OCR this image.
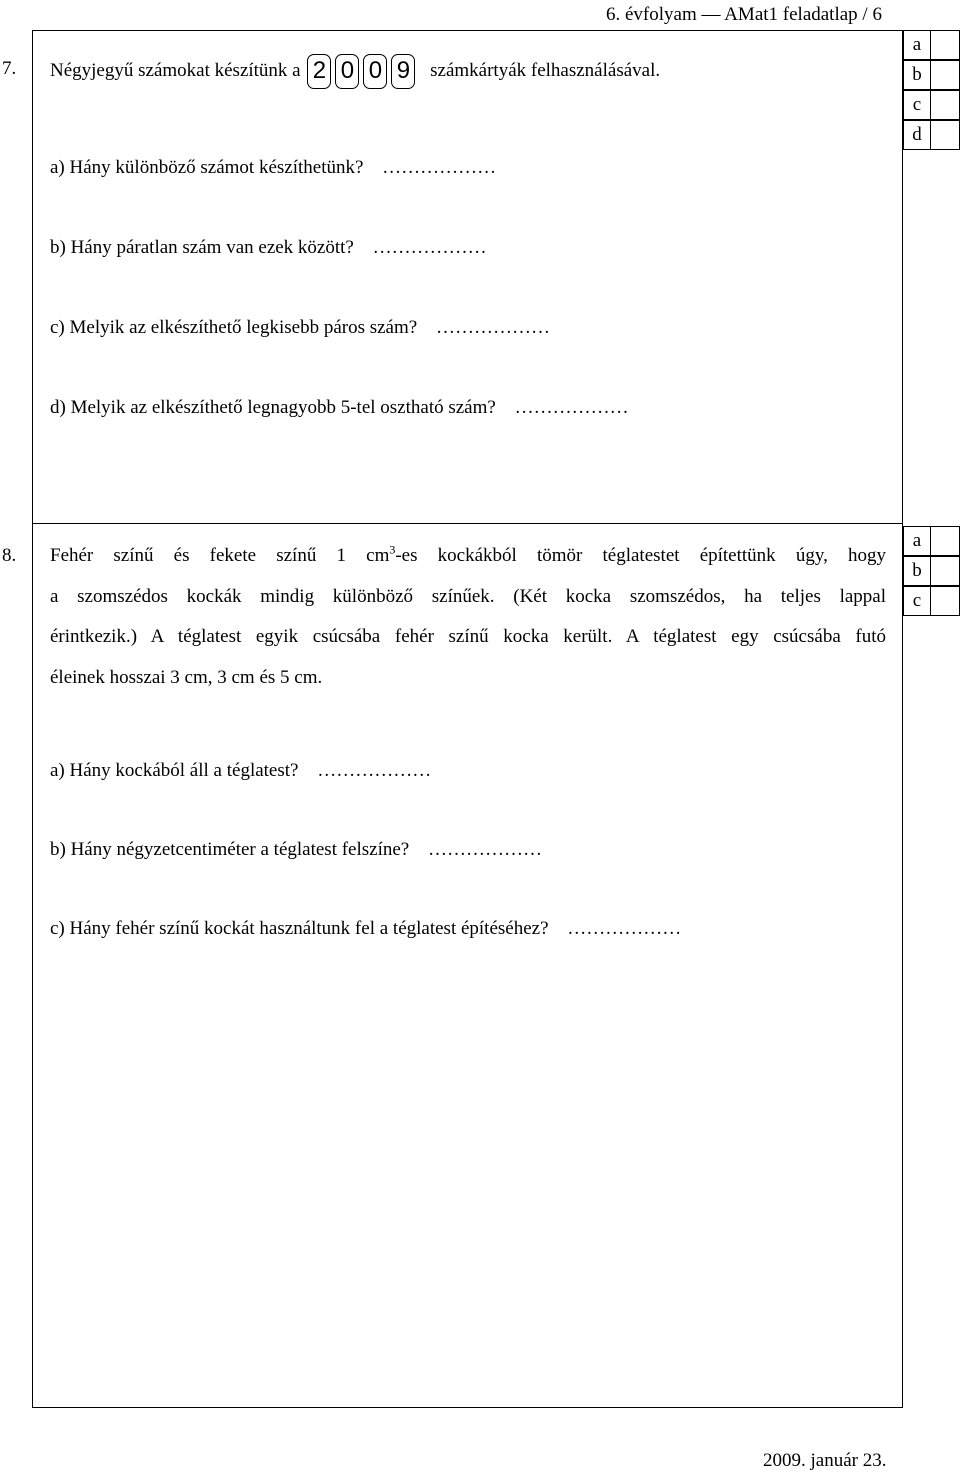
6. évfolyam — AMat1 feladatlap / 6
7. Négyjegyű számokat készítünk a 2 0 0 9 számkártyák felhasználásával.
a) Hány különböző számot készíthetünk? ………………
b) Hány páratlan szám van ezek között? ………………
c) Melyik az elkészíthető legkisebb páros szám? ………………
d) Melyik az elkészíthető legnagyobb 5-tel osztható szám? ………………
a
b
c
d
8. Fehér színű és fekete színű 1 $cm^3-es$ kockákból tömör téglatestet építettünk úgy, hogy
a szomszédos kockák mindig különböző színűek. (Két kocka szomszédos, ha teljes lappal
érintkezik.) A téglatest egyik csúcsába fehér színű kocka került. A téglatest egy csúcsába futó
éleinek hosszai 3 cm, 3 cm és 5 cm.
a) Hány kockából áll a téglatest? ………………
b) Hány négyzetcentiméter a téglatest felszíne? ………………
c) Hány fehér színű kockát használtunk fel a téglatest építéséhez? ………………
a
b
c
2009. január 23.
